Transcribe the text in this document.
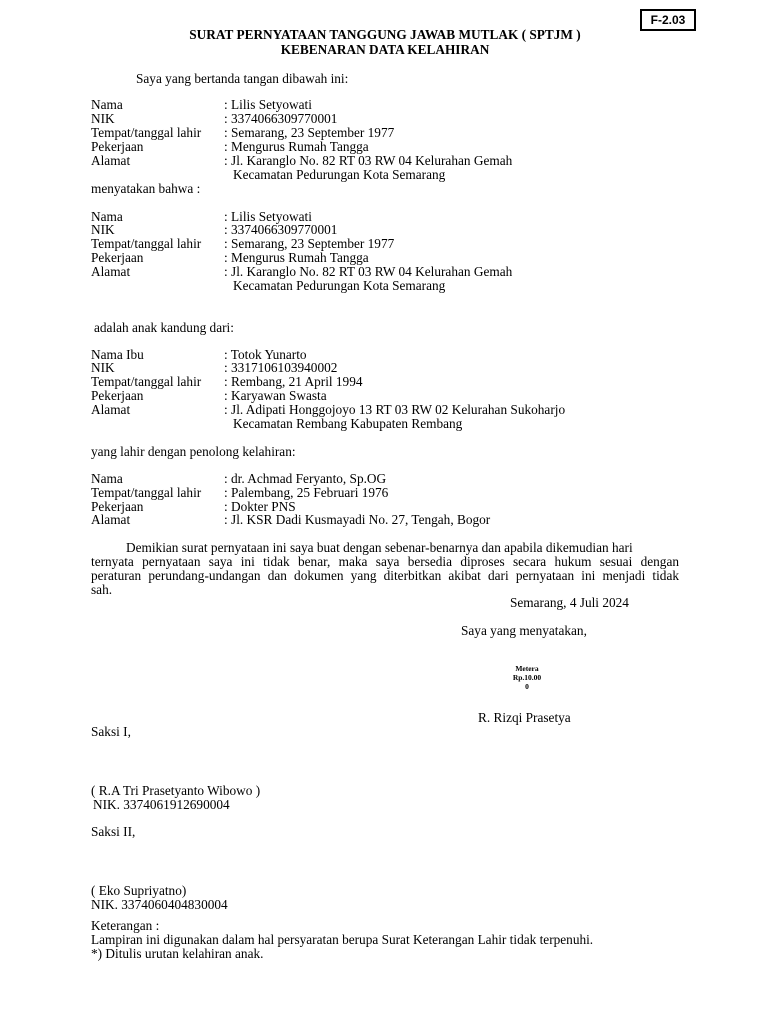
F-2.03
SURAT PERNYATAAN TANGGUNG JAWAB MUTLAK ( SPTJM )
KEBENARAN DATA KELAHIRAN
Saya yang bertanda tangan dibawah ini:
Nama
NIK
Tempat/tanggal lahir
Pekerjaan
Alamat
: Lilis Setyowati
: 3374066309770001
: Semarang, 23 September 1977
: Mengurus Rumah Tangga
: Jl. Karanglo No. 82 RT 03 RW 04 Kelurahan Gemah
Kecamatan Pedurungan Kota Semarang
menyatakan bahwa :
Nama
NIK
Tempat/tanggal lahir
Pekerjaan
Alamat
: Lilis Setyowati
: 3374066309770001
: Semarang, 23 September 1977
: Mengurus Rumah Tangga
: Jl. Karanglo No. 82 RT 03 RW 04 Kelurahan Gemah
Kecamatan Pedurungan Kota Semarang
adalah anak kandung dari:
Nama Ibu
NIK
Tempat/tanggal lahir
Pekerjaan
Alamat
: Totok Yunarto
: 3317106103940002
: Rembang, 21 April 1994
: Karyawan Swasta
: Jl. Adipati Honggojoyo 13 RT 03 RW 02 Kelurahan Sukoharjo
Kecamatan Rembang Kabupaten Rembang
yang lahir dengan penolong kelahiran:
Nama
Tempat/tanggal lahir
Pekerjaan
Alamat
: dr. Achmad Feryanto, Sp.OG
: Palembang, 25 Februari 1976
: Dokter PNS
: Jl. KSR Dadi Kusmayadi No. 27, Tengah, Bogor
Demikian surat pernyataan ini saya buat dengan sebenar-benarnya dan apabila dikemudian hari
ternyata pernyataan saya ini tidak benar, maka saya bersedia diproses secara hukum sesuai dengan
peraturan perundang-undangan dan dokumen yang diterbitkan akibat dari pernyataan ini menjadi tidak
sah.
Semarang, 4 Juli 2024
Saya yang menyatakan,
Metera
Rp.10.00
0
R. Rizqi Prasetya
Saksi I,
( R.A Tri Prasetyanto Wibowo )
NIK. 3374061912690004
Saksi II,
( Eko Supriyatno)
NIK. 3374060404830004
Keterangan :
Lampiran ini digunakan dalam hal persyaratan berupa Surat Keterangan Lahir tidak terpenuhi.
*) Ditulis urutan kelahiran anak.
